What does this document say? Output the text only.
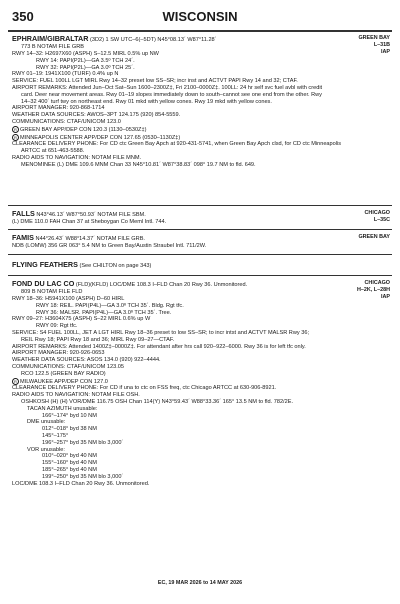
350	WISCONSIN
EPHRAIM/GIBRALTAR (3D2) 1 SW UTC–6(–5DT) N45°08.13´ W87°11.28´	GREEN BAY
L–31B
IAP
773 B NOTAM FILE GRB
RWY 14–32: H2697X60 (ASPH) S–12.5 MIRL 0.5% up NW
RWY 14: PAPI(P2L)—GA 3.5º TCH 24´.
RWY 32: PAPI(P2L)—GA 3.0º TCH 25´.
RWY 01–19: 1941X100 (TURF) 0.4% up N
SERVICE: FUEL 100LL LGT MIRL Rwy 14–32 preset low SS–SR; incr inst and ACTVT PAPI Rwy 14 and 32; CTAF.
AIRPORT REMARKS: Attended Jun–Oct Sat–Sun 1600–2300Z‡, Fri 2100–0000Z‡. 100LL: 24 hr self svc fuel avbl with credit
card. Deer near movement areas. Rwy 01–19 slopes immediately down to south–cannot see one end from the other. Rwy
14–32 400´ turf twy on northeast end. Rwy 01 mkd with yellow cones. Rwy 19 mkd with yellow cones.
AIRPORT MANAGER: 920-868-1714
WEATHER DATA SOURCES: AWOS–3PT 124.175 (920) 854-5559.
COMMUNICATIONS: CTAF/UNICOM 123.0
R GREEN BAY APP/DEP CON 120.3 (1130–0530Z‡)
R MINNEAPOLIS CENTER APP/DEP CON 127.65 (0530–1130Z‡)
CLEARANCE DELIVERY PHONE: For CD ctc Green Bay Apch at 920-431-5741, when Green Bay Apch clsd, for CD ctc Minneapolis
ARTCC at 651-463-5588.
RADIO AIDS TO NAVIGATION: NOTAM FILE MNM.
MENOMINEE (L) DME 109.6 MNM Chan 33 N45°10.81´ W87°38.83´ 098° 19.7 NM to fld. 649.
FALLS N43°46.13´ W87°50.93´ NOTAM FILE SBM.	CHICAGO
L–35C
(L) DME 110.0 FAH Chan 37 at Sheboygan Co Meml Intl. 744.
FAMIS N44°26.43´ W88°14.37´ NOTAM FILE GRB.	GREEN BAY
NDB (LOMW) 356 GR 063° 5.4 NM to Green Bay/Austin Straubel Intl. 711/2W.
FLYING FEATHERS (See CHILTON on page 343)
FOND DU LAC CO (FLD)(KFLD) LOC/DME 108.3 I–FLD Chan 20 Rwy 36. Unmonitored.	CHICAGO
H–2K, L–28H
IAP
809 B NOTAM FILE FLD
RWY 18–36: H5941X100 (ASPH) D–60 HIRL
RWY 18: REIL. PAPI(P4L)—GA 3.0º TCH 35´. Bldg. Rgt tfc.
RWY 36: MALSR. PAPI(P4L)—GA 3.0º TCH 35´. Tree.
RWY 09–27: H3604X75 (ASPH) S–22 MIRL 0.6% up W
RWY 09: Rgt tfc.
SERVICE: S4 FUEL 100LL, JET A LGT HIRL Rwy 18–36 preset to low SS–SR; to incr intst and ACTVT MALSR Rwy 36;
REIL Rwy 18; PAPI Rwy 18 and 36; MIRL Rwy 09–27—CTAF.
AIRPORT REMARKS: Attended 1400Z‡–0000Z‡. For attendant after hrs call 920–922–6000. Rwy 36 is for left tfc only.
AIRPORT MANAGER: 920-926-0653
WEATHER DATA SOURCES: ASOS 134.0 (920) 922–4444.
COMMUNICATIONS: CTAF/UNICOM 123.05
RCO 122.5 (GREEN BAY RADIO)
R MILWAUKEE APP/DEP CON 127.0
CLEARANCE DELIVERY PHONE: For CD if una to ctc on FSS freq, ctc Chicago ARTCC at 630-906-8921.
RADIO AIDS TO NAVIGATION: NOTAM FILE OSH.
OSHKOSH (H) (H) VOR/DME 116.75 OSH Chan 114(Y) N43°59.43´ W88°33.36´ 165° 13.5 NM to fld. 782/2E.
TACAN AZIMUTH unusable:
166°–174° byd 10 NM
DME unusable:
012°–018° byd 38 NM
145°–175°
196°–257° byd 35 NM blo 3,000´
VOR unusable:
010°–020° byd 40 NM
155°–160° byd 40 NM
185°–265° byd 40 NM
199°–250° byd 35 NM blo 3,000´
LOC/DME 108.3 I–FLD Chan 20 Rwy 36. Unmonitored.
EC, 19 MAR 2026 to 14 MAY 2026
